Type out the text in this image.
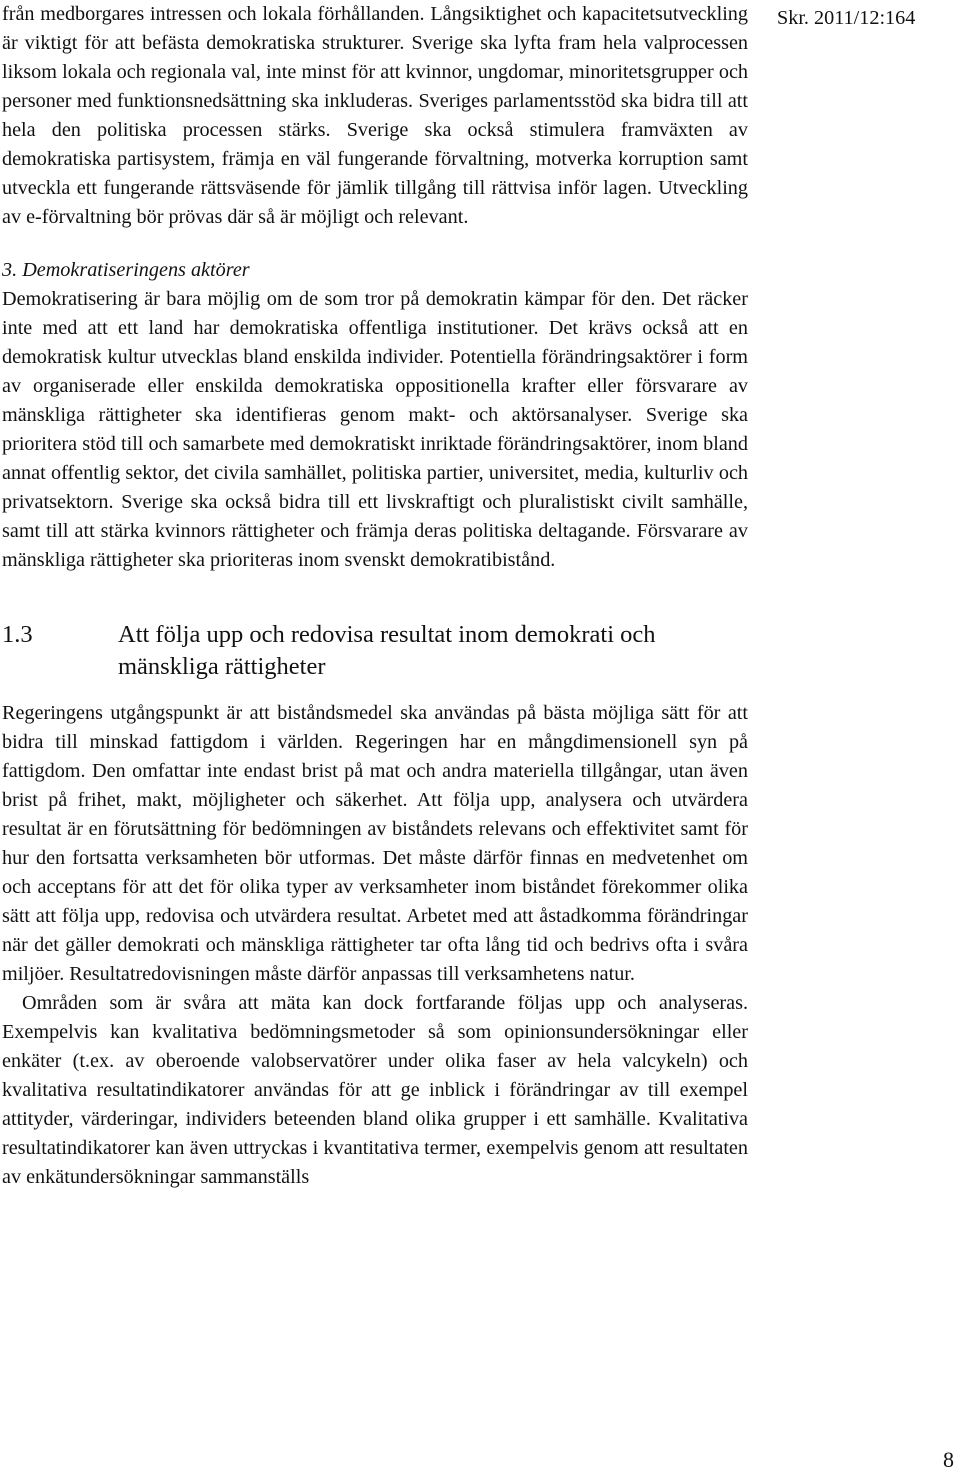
Skr. 2011/12:164

från medborgares intressen och lokala förhållanden. Långsiktighet och kapacitetsutveckling är viktigt för att befästa demokratiska strukturer. Sverige ska lyfta fram hela valprocessen liksom lokala och regionala val, inte minst för att kvinnor, ungdomar, minoritetsgrupper och personer med funktionsnedsättning ska inkluderas. Sveriges parlamentsstöd ska bidra till att hela den politiska processen stärks. Sverige ska också stimulera framväxten av demokratiska partisystem, främja en väl fungerande förvaltning, motverka korruption samt utveckla ett fungerande rättsväsende för jämlik tillgång till rättvisa inför lagen. Utveckling av e-förvaltning bör prövas där så är möjligt och relevant.

3. Demokratiseringens aktörer

Demokratisering är bara möjlig om de som tror på demokratin kämpar för den. Det räcker inte med att ett land har demokratiska offentliga institutioner. Det krävs också att en demokratisk kultur utvecklas bland enskilda individer. Potentiella förändringsaktörer i form av organiserade eller enskilda demokratiska oppositionella krafter eller försvarare av mänskliga rättigheter ska identifieras genom makt- och aktörsanalyser. Sverige ska prioritera stöd till och samarbete med demokratiskt inriktade förändringsaktörer, inom bland annat offentlig sektor, det civila samhället, politiska partier, universitet, media, kulturliv och privatsektorn. Sverige ska också bidra till ett livskraftigt och pluralistiskt civilt samhälle, samt till att stärka kvinnors rättigheter och främja deras politiska deltagande. Försvarare av mänskliga rättigheter ska prioriteras inom svenskt demokratibistånd.

1.3	Att följa upp och redovisa resultat inom demokrati och mänskliga rättigheter

Regeringens utgångspunkt är att biståndsmedel ska användas på bästa möjliga sätt för att bidra till minskad fattigdom i världen. Regeringen har en mångdimensionell syn på fattigdom. Den omfattar inte endast brist på mat och andra materiella tillgångar, utan även brist på frihet, makt, möjligheter och säkerhet. Att följa upp, analysera och utvärdera resultat är en förutsättning för bedömningen av biståndets relevans och effektivitet samt för hur den fortsatta verksamheten bör utformas. Det måste därför finnas en medvetenhet om och acceptans för att det för olika typer av verksamheter inom biståndet förekommer olika sätt att följa upp, redovisa och utvärdera resultat. Arbetet med att åstadkomma förändringar när det gäller demokrati och mänskliga rättigheter tar ofta lång tid och bedrivs ofta i svåra miljöer. Resultatredovisningen måste därför anpassas till verksamhetens natur.

Områden som är svåra att mäta kan dock fortfarande följas upp och analyseras. Exempelvis kan kvalitativa bedömningsmetoder så som opinionsundersökningar eller enkäter (t.ex. av oberoende valobservatörer under olika faser av hela valcykeln) och kvalitativa resultatindikatorer användas för att ge inblick i förändringar av till exempel attityder, värderingar, individers beteenden bland olika grupper i ett samhälle. Kvalitativa resultatindikatorer kan även uttryckas i kvantitativa termer, exempelvis genom att resultaten av enkätundersökningar sammanställs

8
